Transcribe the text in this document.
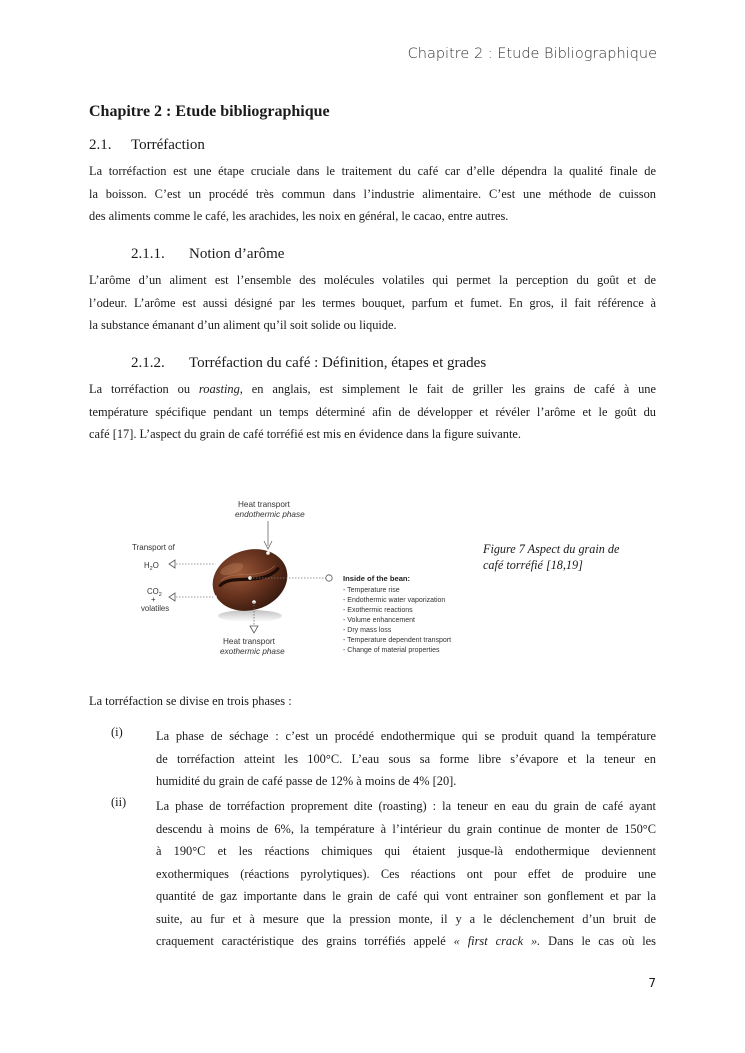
Chapitre 2 : Etude Bibliographique
Chapitre 2 : Etude bibliographique
2.1. Torréfaction
La torréfaction est une étape cruciale dans le traitement du café car d’elle dépendra la qualité finale de
la boisson. C’est un procédé très commun dans l’industrie alimentaire. C’est une méthode de cuisson
des aliments comme le café, les arachides, les noix en général, le cacao, entre autres.
2.1.1. Notion d’arôme
L’arôme d’un aliment est l’ensemble des molécules volatiles qui permet la perception du goût et de
l’odeur. L’arôme est aussi désigné par les termes bouquet, parfum et fumet. En gros, il fait référence à
la substance émanant d’un aliment qu’il soit solide ou liquide.
2.1.2. Torréfaction du café : Définition, étapes et grades
La torréfaction ou roasting, en anglais, est simplement le fait de griller les grains de café à une
température spécifique pendant un temps déterminé afin de développer et révéler l’arôme et le goût du
café [17]. L’aspect du grain de café torréfié est mis en évidence dans la figure suivante.
Heat transport
endothermic phase
Transport of
$H_2O$
$CO_2$
+
volatiles
Heat transport
exothermic phase
Inside of the bean:
- Temperature rise
- Endothermic water vaporization
- Exothermic reactions
- Volume enhancement
- Dry mass loss
- Temperature dependent transport
- Change of material properties
Figure 7 Aspect du grain de
café torréfié [18,19]
La torréfaction se divise en trois phases :
(i)	La phase de séchage : c’est un procédé endothermique qui se produit quand la température
de torréfaction atteint les 100°C. L’eau sous sa forme libre s’évapore et la teneur en
humidité du grain de café passe de 12% à moins de 4% [20].
(ii) La phase de torréfaction proprement dite (roasting) : la teneur en eau du grain de café ayant
descendu à moins de 6%, la température à l’intérieur du grain continue de monter de 150°C
à 190°C et les réactions chimiques qui étaient jusque-là endothermique deviennent
exothermiques (réactions pyrolytiques). Ces réactions ont pour effet de produire une
quantité de gaz importante dans le grain de café qui vont entrainer son gonflement et par la
suite, au fur et à mesure que la pression monte, il y a le déclenchement d’un bruit de
craquement caractéristique des grains torréfiés appelé « first crack ». Dans le cas où les
7
